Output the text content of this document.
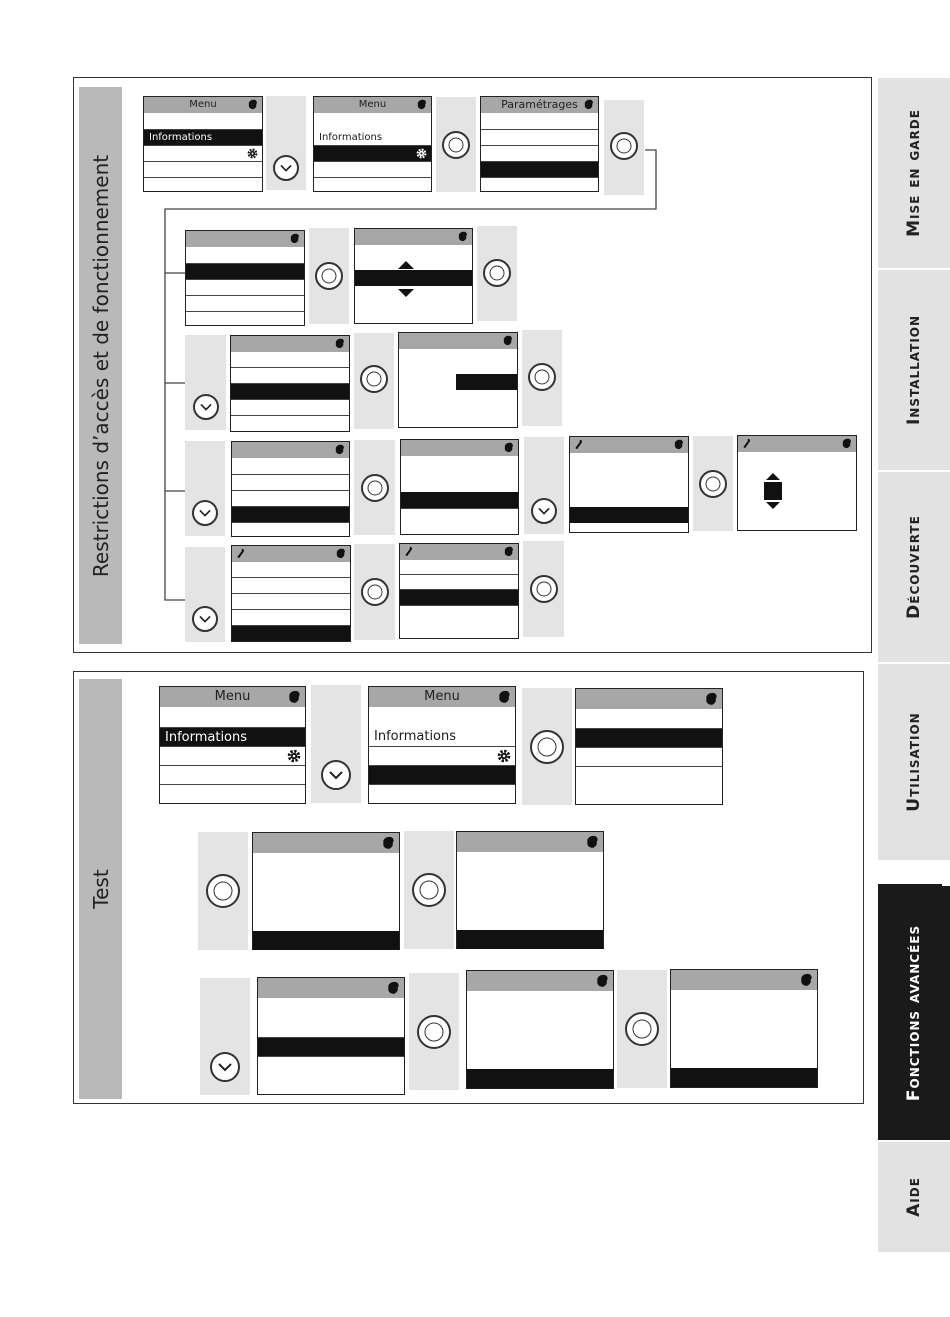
Mise en garde
Installation
Découverte
Utilisation
Fonctions avancées
Aide
Restrictions d’accès et de fonctionnement
Menu
Informations
Menu
Informations
Paramétrages
Test
Menu
Informations
Menu
Informations
